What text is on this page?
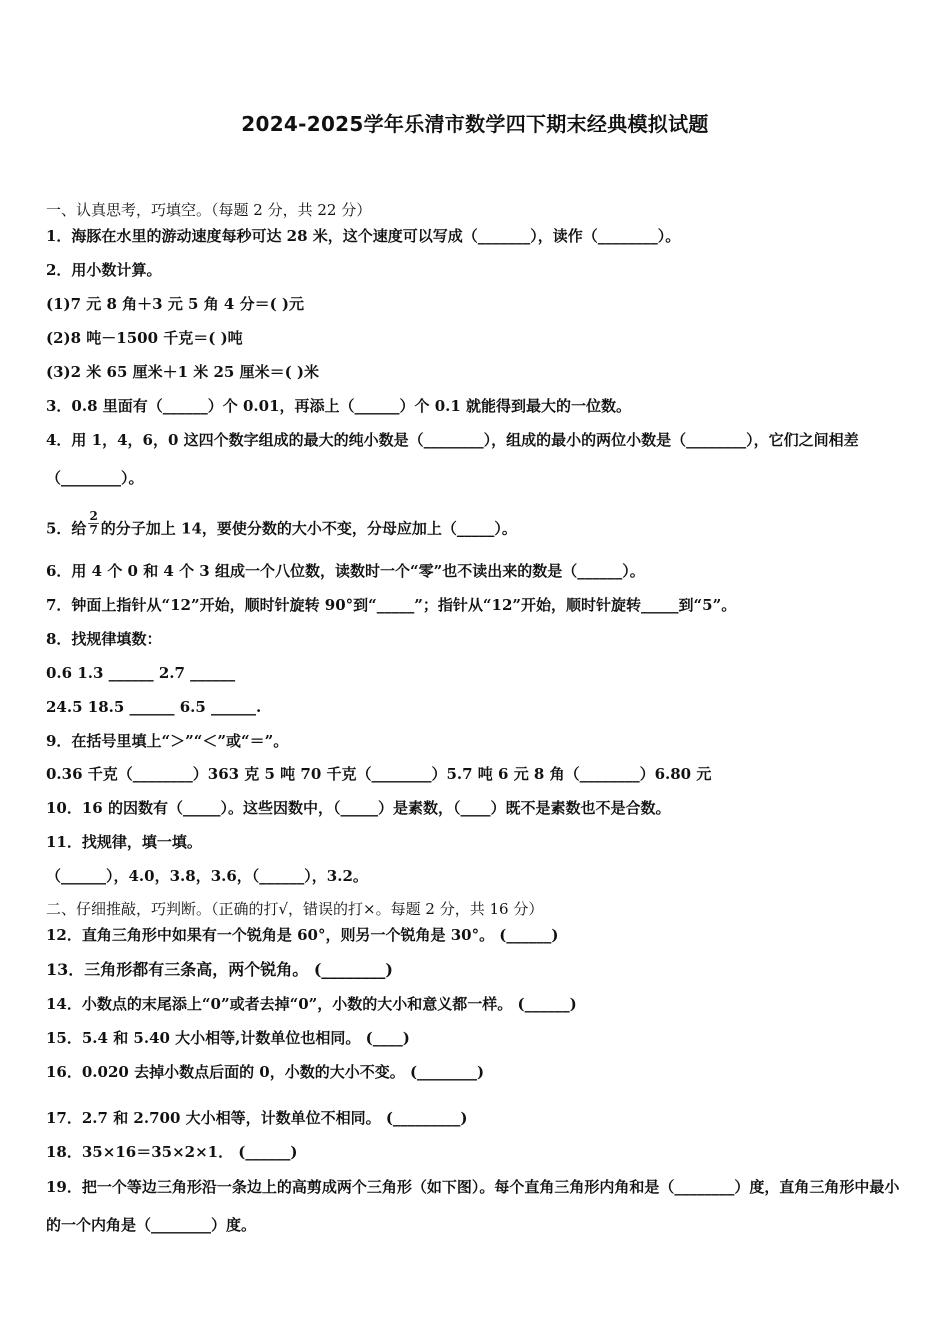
2024-2025学年乐清市数学四下期末经典模拟试题
一、认真思考，巧填空。（每题 2 分，共 22 分）
1．海豚在水里的游动速度每秒可达 28 米，这个速度可以写成（_______），读作（________）。
2．用小数计算。
(1)7 元 8 角＋3 元 5 角 4 分＝( )元
(2)8 吨－1500 千克＝( )吨
(3)2 米 65 厘米＋1 米 25 厘米＝( )米
3．0.8 里面有（______）个 0.01，再添上（______）个 0.1 就能得到最大的一位数。
4．用 1，4，6，0 这四个数字组成的最大的纯小数是（________），组成的最小的两位小数是（________），它们之间相差（________）。
5．给 $\frac{2}{7}$ 的分子加上 14，要使分数的大小不变，分母应加上（_____）。
6．用 4 个 0 和 4 个 3 组成一个八位数，读数时一个“零”也不读出来的数是（______）。
7．钟面上指针从“12”开始，顺时针旋转 90°到“_____”；指针从“12”开始，顺时针旋转_____到“5”。
8．找规律填数：
0.6 1.3 ______ 2.7 ______
24.5 18.5 ______ 6.5 ______.
9．在括号里填上“＞”“＜”或“＝”。
0.36 千克（________）363 克 5 吨 70 千克（________）5.7 吨 6 元 8 角（________）6.80 元
10．16 的因数有（_____）。这些因数中，（_____）是素数，（____）既不是素数也不是合数。
11．找规律，填一填。
（______），4.0，3.8，3.6，（______），3.2。
二、仔细推敲，巧判断。（正确的打√，错误的打×。每题 2 分，共 16 分）
12．直角三角形中如果有一个锐角是 60°，则另一个锐角是 30°。 (______)
13．三角形都有三条高，两个锐角。 (________)
14．小数点的末尾添上“0”或者去掉“0”，小数的大小和意义都一样。 (______)
15．5.4 和 5.40 大小相等,计数单位也相同。 (____)
16．0.020 去掉小数点后面的 0，小数的大小不变。 (________)
17．2.7 和 2.700 大小相等，计数单位不相同。 (_________)
18．35×16＝35×2×1． (______)
19．把一个等边三角形沿一条边上的高剪成两个三角形（如下图）。每个直角三角形内角和是（________）度，直角三角形中最小的一个内角是（________）度。
